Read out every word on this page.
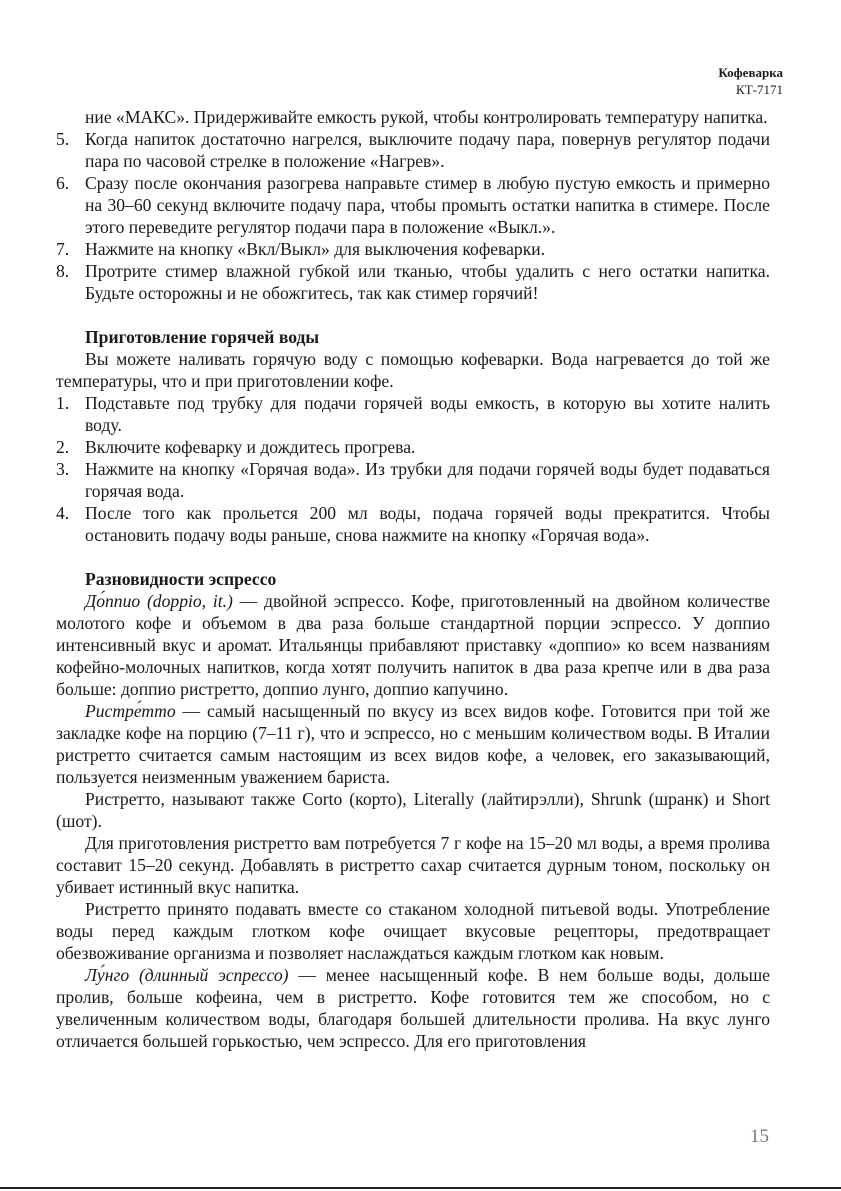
Кофеварка
КТ-7171

ние «МАКС». Придерживайте емкость рукой, чтобы контролировать температуру напитка.

5. Когда напиток достаточно нагрелся, выключите подачу пара, повернув регулятор подачи пара по часовой стрелке в положение «Нагрев».

6. Сразу после окончания разогрева направьте стимер в любую пустую емкость и примерно на 30–60 секунд включите подачу пара, чтобы промыть остатки напитка в стимере. После этого переведите регулятор подачи пара в положение «Выкл.».

7. Нажмите на кнопку «Вкл/Выкл» для выключения кофеварки.

8. Протрите стимер влажной губкой или тканью, чтобы удалить с него остатки напитка. Будьте осторожны и не обожгитесь, так как стимер горячий!

Приготовление горячей воды

Вы можете наливать горячую воду с помощью кофеварки. Вода нагревается до той же температуры, что и при приготовлении кофе.

1. Подставьте под трубку для подачи горячей воды емкость, в которую вы хотите налить воду.

2. Включите кофеварку и дождитесь прогрева.

3. Нажмите на кнопку «Горячая вода». Из трубки для подачи горячей воды будет подаваться горячая вода.

4. После того как прольется 200 мл воды, подача горячей воды прекратится. Чтобы остановить подачу воды раньше, снова нажмите на кнопку «Горячая вода».

Разновидности эспрессо

До́ппио (doppio, it.) — двойной эспрессо. Кофе, приготовленный на двойном количестве молотого кофе и объемом в два раза больше стандартной порции эспрессо. У доппио интенсивный вкус и аромат. Итальянцы прибавляют приставку «доппио» ко всем названиям кофейно-молочных напитков, когда хотят получить напиток в два раза крепче или в два раза больше: доппио ристретто, доппио лунго, доппио капучино.

Ристре́тто — самый насыщенный по вкусу из всех видов кофе. Готовится при той же закладке кофе на порцию (7–11 г), что и эспрессо, но с меньшим количеством воды. В Италии ристретто считается самым настоящим из всех видов кофе, а человек, его заказывающий, пользуется неизменным уважением бариста.

Ристретто, называют также Corto (корто), Literally (лайтирэлли), Shrunk (шранк) и Short (шот).

Для приготовления ристретто вам потребуется 7 г кофе на 15–20 мл воды, а время пролива составит 15–20 секунд. Добавлять в ристретто сахар считается дурным тоном, поскольку он убивает истинный вкус напитка.

Ристретто принято подавать вместе со стаканом холодной питьевой воды. Употребление воды перед каждым глотком кофе очищает вкусовые рецепторы, предотвращает обезвоживание организма и позволяет наслаждаться каждым глотком как новым.

Лу́нго (длинный эспрессо) — менее насыщенный кофе. В нем больше воды, дольше пролив, больше кофеина, чем в ристретто. Кофе готовится тем же способом, но с увеличенным количеством воды, благодаря большей длительности пролива. На вкус лунго отличается большей горькостью, чем эспрессо. Для его приготовления

15
